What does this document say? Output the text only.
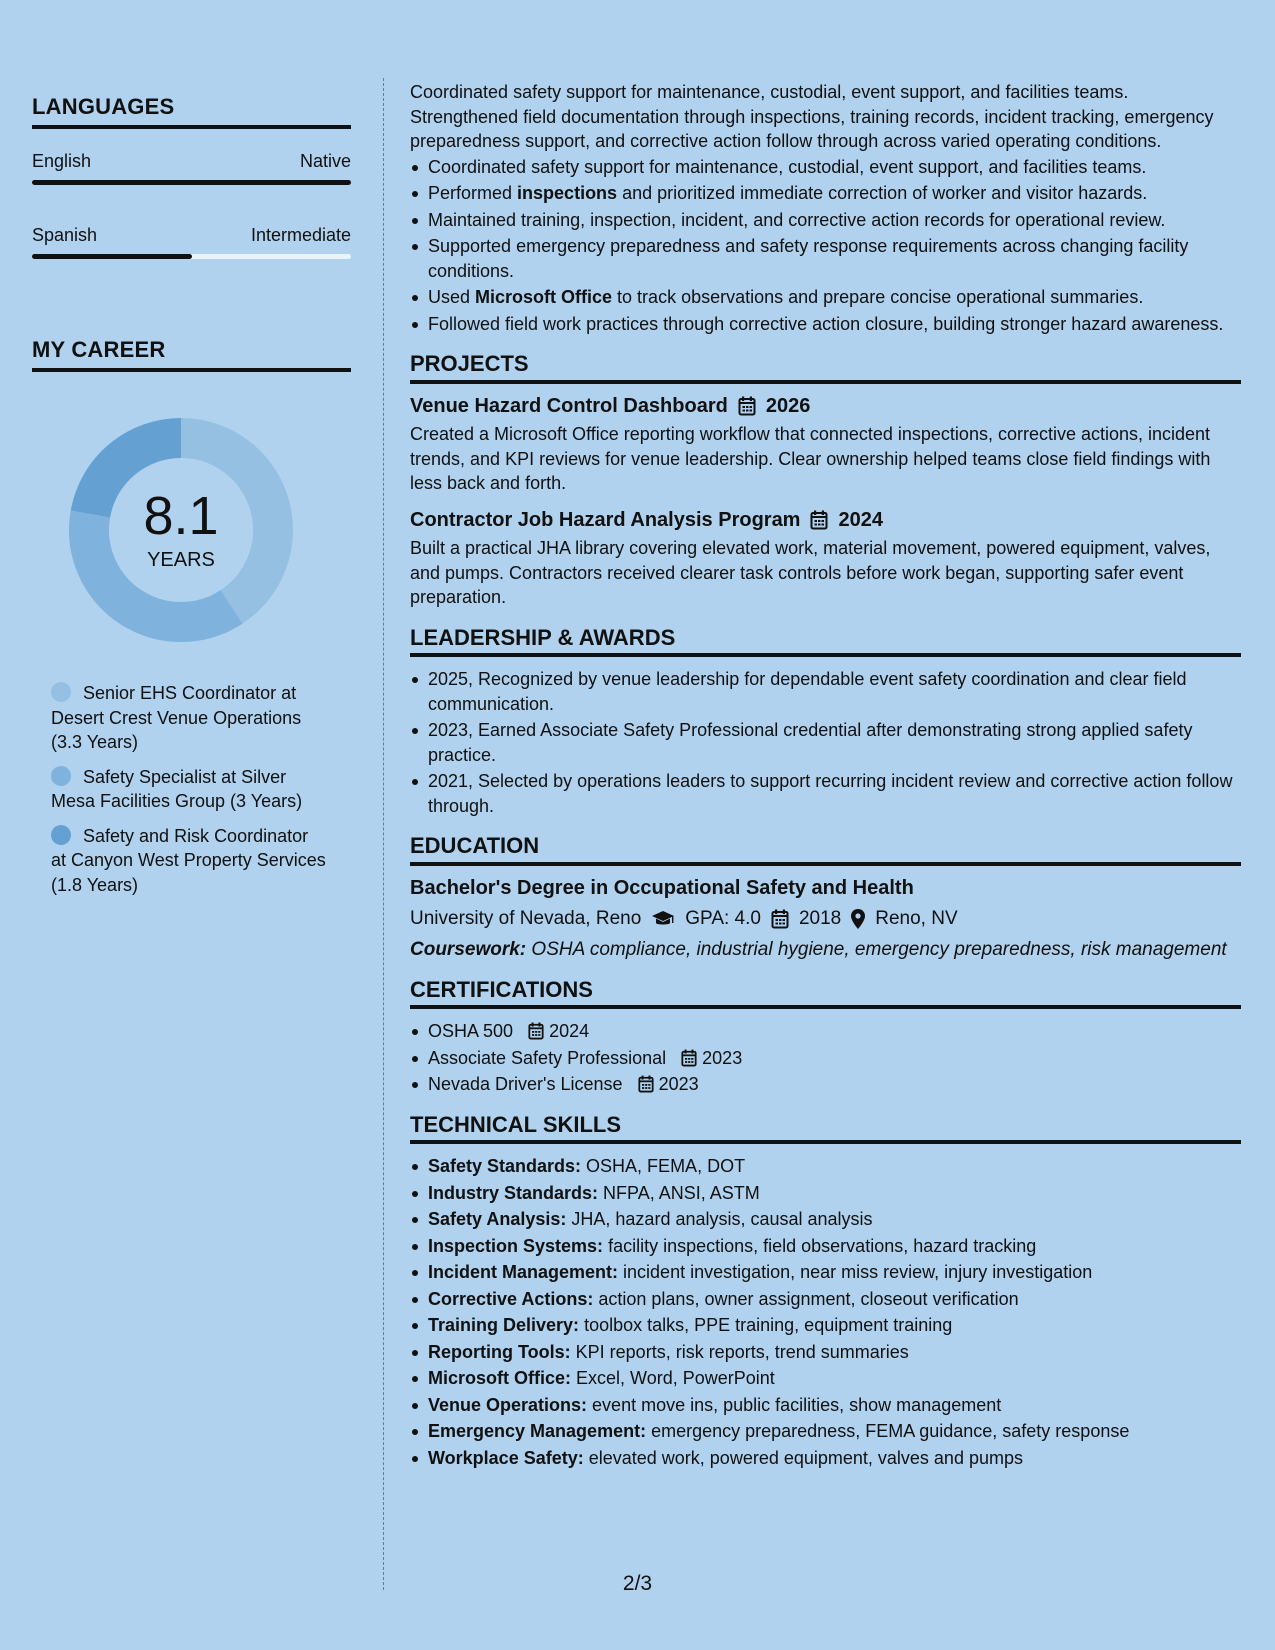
LANGUAGES
English	Native
Spanish	Intermediate
MY CAREER
8.1
YEARS
Senior EHS Coordinator at Desert Crest Venue Operations (3.3 Years)
Safety Specialist at Silver Mesa Facilities Group (3 Years)
Safety and Risk Coordinator at Canyon West Property Services (1.8 Years)

Coordinated safety support for maintenance, custodial, event support, and facilities teams. Strengthened field documentation through inspections, training records, incident tracking, emergency preparedness support, and corrective action follow through across varied operating conditions.

Coordinated safety support for maintenance, custodial, event support, and facilities teams.
Performed inspections and prioritized immediate correction of worker and visitor hazards.
Maintained training, inspection, incident, and corrective action records for operational review.
Supported emergency preparedness and safety response requirements across changing facility conditions.
Used Microsoft Office to track observations and prepare concise operational summaries.
Followed field work practices through corrective action closure, building stronger hazard awareness.
PROJECTS
Venue Hazard Control Dashboard 2026

Created a Microsoft Office reporting workflow that connected inspections, corrective actions, incident trends, and KPI reviews for venue leadership. Clear ownership helped teams close field findings with less back and forth.

Contractor Job Hazard Analysis Program 2024

Built a practical JHA library covering elevated work, material movement, powered equipment, valves, and pumps. Contractors received clearer task controls before work began, supporting safer event preparation.

LEADERSHIP & AWARDS
2025, Recognized by venue leadership for dependable event safety coordination and clear field communication.
2023, Earned Associate Safety Professional credential after demonstrating strong applied safety practice.
2021, Selected by operations leaders to support recurring incident review and corrective action follow through.
EDUCATION
Bachelor's Degree in Occupational Safety and Health
University of Nevada, Reno GPA: 4.0 2018 Reno, NV

Coursework: OSHA compliance, industrial hygiene, emergency preparedness, risk management

CERTIFICATIONS
OSHA 500 2024
Associate Safety Professional 2023
Nevada Driver's License 2023
TECHNICAL SKILLS
Safety Standards: OSHA, FEMA, DOT
Industry Standards: NFPA, ANSI, ASTM
Safety Analysis: JHA, hazard analysis, causal analysis
Inspection Systems: facility inspections, field observations, hazard tracking
Incident Management: incident investigation, near miss review, injury investigation
Corrective Actions: action plans, owner assignment, closeout verification
Training Delivery: toolbox talks, PPE training, equipment training
Reporting Tools: KPI reports, risk reports, trend summaries
Microsoft Office: Excel, Word, PowerPoint
Venue Operations: event move ins, public facilities, show management
Emergency Management: emergency preparedness, FEMA guidance, safety response
Workplace Safety: elevated work, powered equipment, valves and pumps
2/3
